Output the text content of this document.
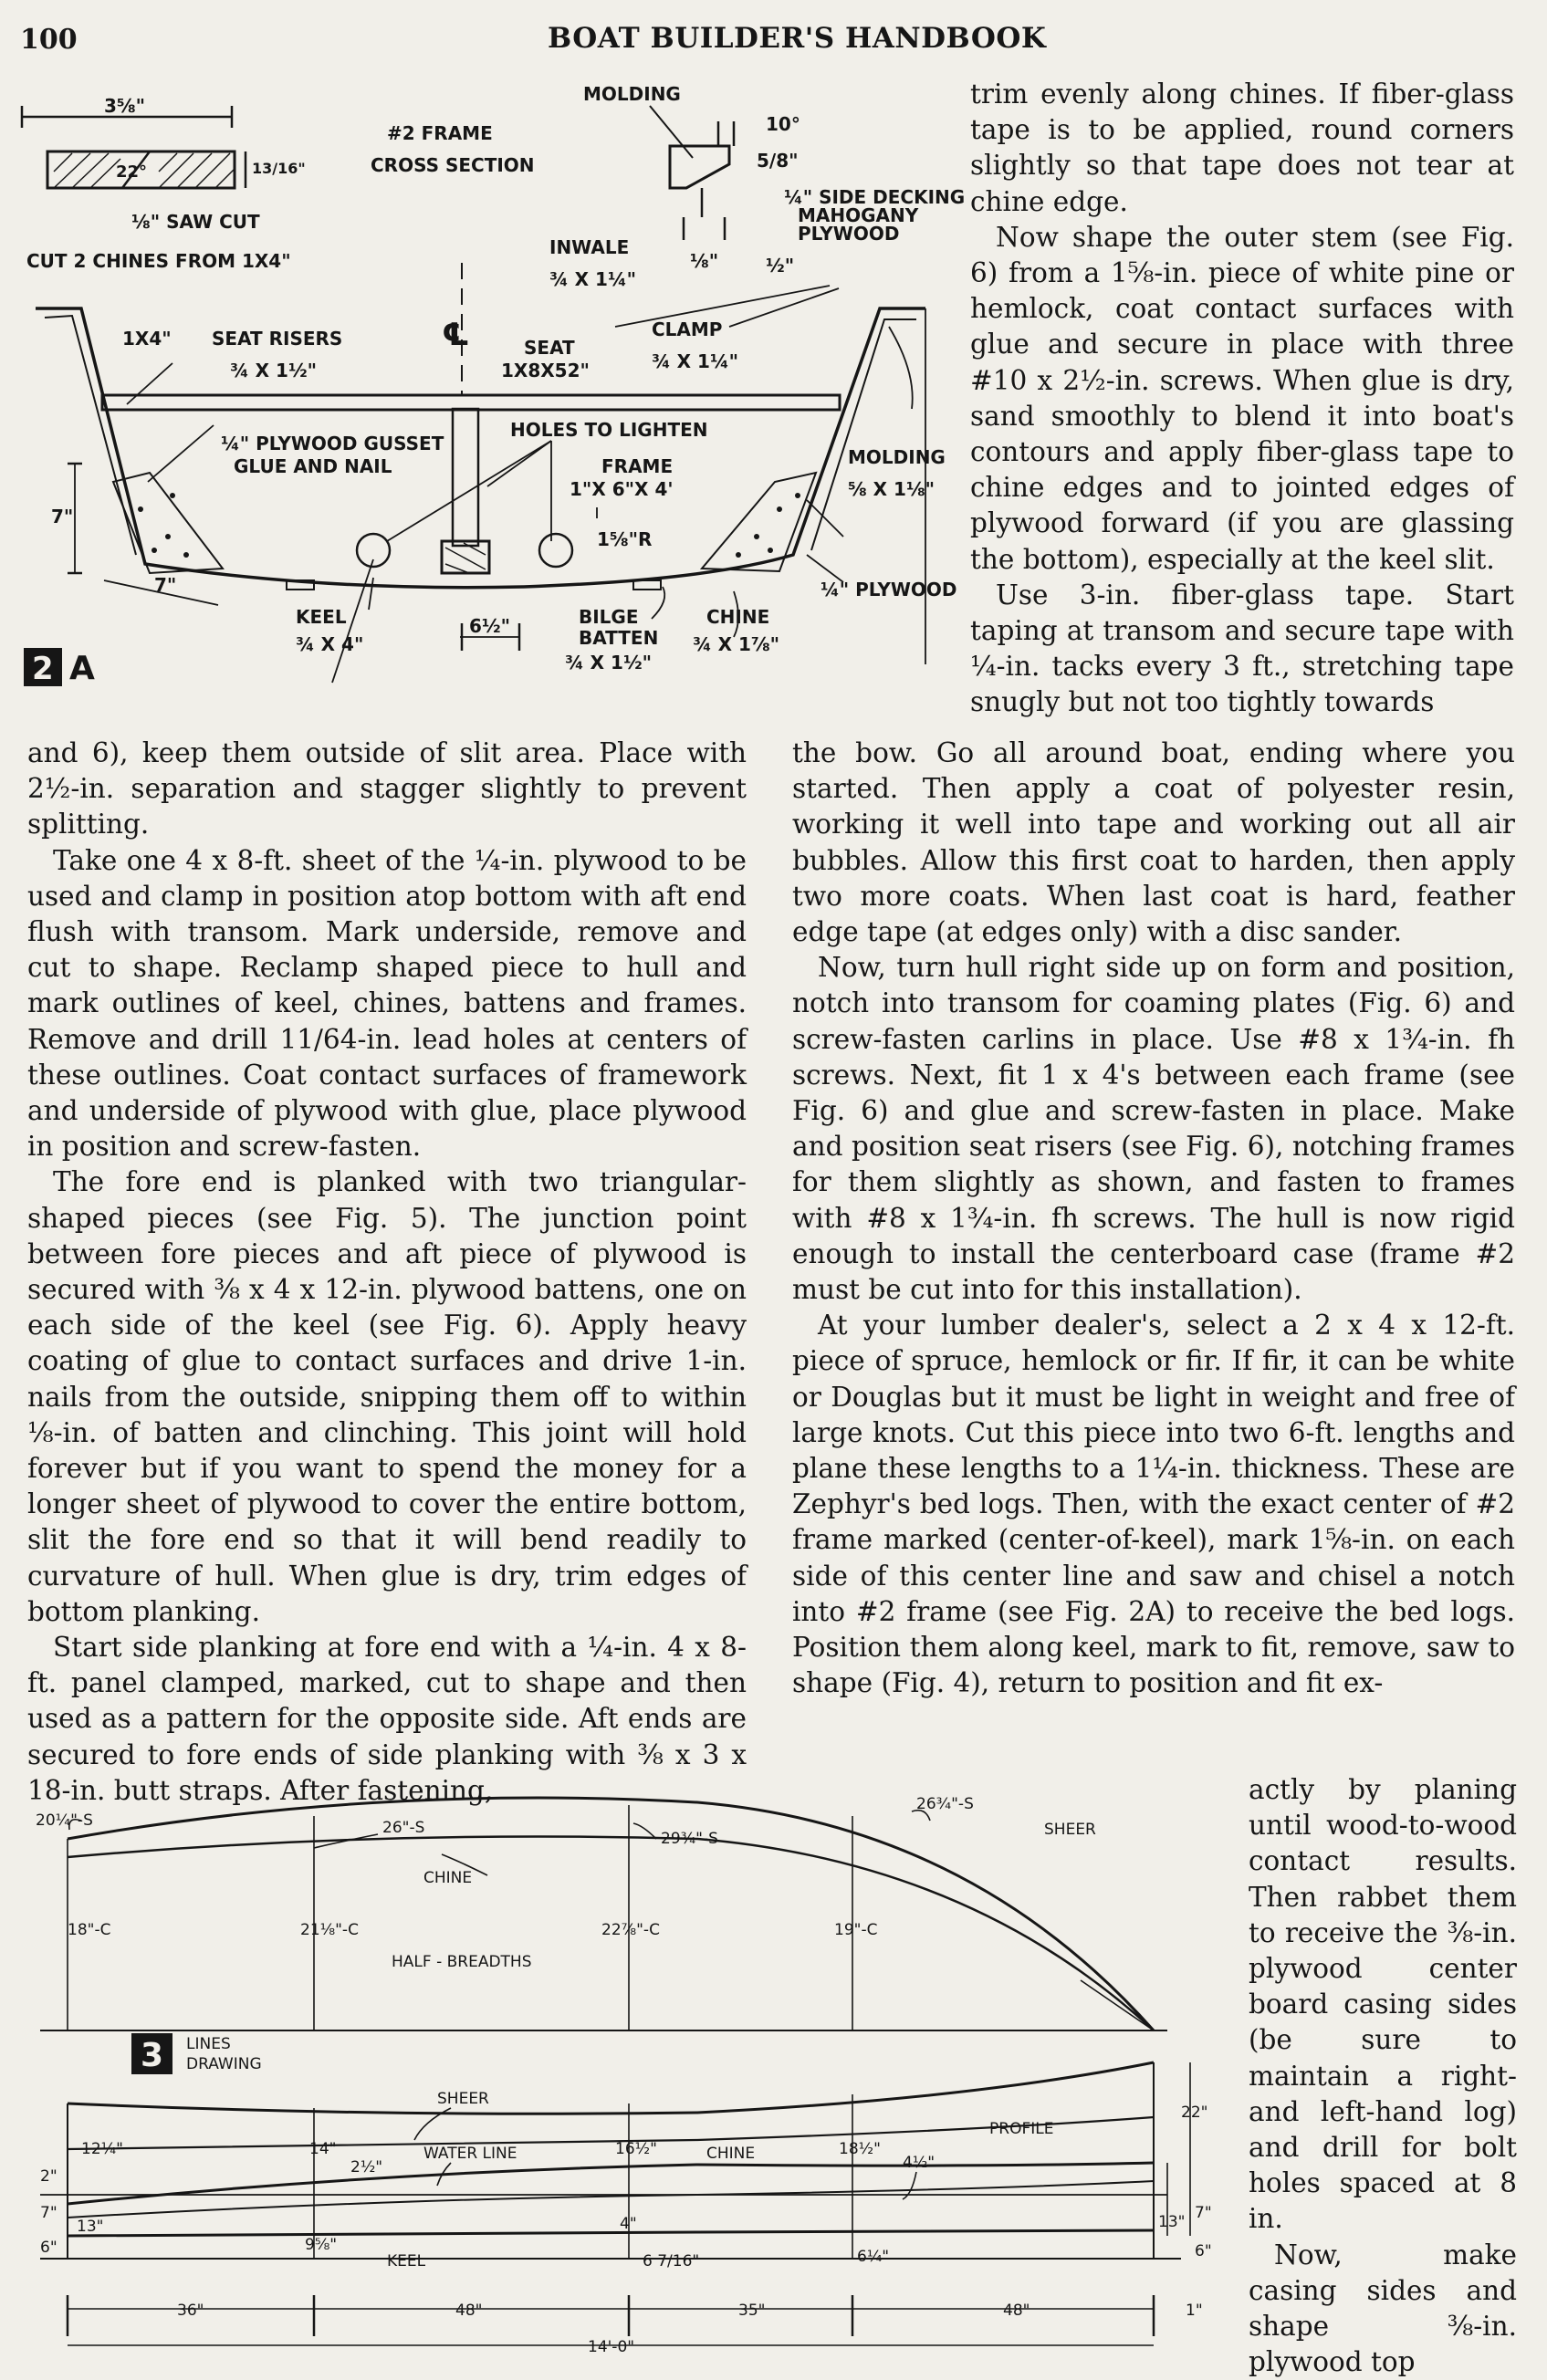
100	BOAT BUILDER'S HANDBOOK
3⅝"
22°	13/16"
⅛" SAW CUT
CUT 2 CHINES FROM 1X4"
#2 FRAME
CROSS SECTION
MOLDING
10°
5/8"
¼" SIDE DECKING
MAHOGANY
PLYWOOD
INWALE
¾ X 1¼"
⅛"	½"
1X4" SEAT RISERS
¾ X 1½"
℄	SEAT
1X8X52"
CLAMP
¾ X 1¼"
¼" PLYWOOD GUSSET
GLUE AND NAIL
HOLES TO LIGHTEN
FRAME
1"X 6"X 4'
MOLDING
⅝ X 1⅛"
7"
7"
1⅝"R
¼" PLYWOOD
KEEL
¾ X 4"
6½"	BILGE
BATTEN
¾ X 1½"
CHINE
¾ X 1⅞"
2 A

trim evenly along chines. If fiber-glass tape is to be applied, round corners slightly so that tape does not tear at chine edge.

Now shape the outer stem (see Fig. 6) from a 1⅝-in. piece of white pine or hemlock, coat contact surfaces with glue and secure in place with three #10 x 2½-in. screws. When glue is dry, sand smoothly to blend it into boat's contours and apply fiber-glass tape to chine edges and to jointed edges of plywood forward (if you are glassing the bottom), especially at the keel slit.

Use 3-in. fiber-glass tape. Start taping at transom and secure tape with ¼-in. tacks every 3 ft., stretching tape snugly but not too tightly towards

and 6), keep them outside of slit area. Place with 2½-in. separation and stagger slightly to prevent splitting.

Take one 4 x 8-ft. sheet of the ¼-in. plywood to be used and clamp in position atop bottom with aft end flush with transom. Mark underside, remove and cut to shape. Reclamp shaped piece to hull and mark outlines of keel, chines, battens and frames. Remove and drill 11/64-in. lead holes at centers of these outlines. Coat contact surfaces of framework and underside of plywood with glue, place plywood in position and screw-fasten.

The fore end is planked with two triangular-shaped pieces (see Fig. 5). The junction point between fore pieces and aft piece of plywood is secured with ⅜ x 4 x 12-in. plywood battens, one on each side of the keel (see Fig. 6). Apply heavy coating of glue to contact surfaces and drive 1-in. nails from the outside, snipping them off to within ⅛-in. of batten and clinching. This joint will hold forever but if you want to spend the money for a longer sheet of plywood to cover the entire bottom, slit the fore end so that it will bend readily to curvature of hull. When glue is dry, trim edges of bottom planking.

Start side planking at fore end with a ¼-in. 4 x 8-ft. panel clamped, marked, cut to shape and then used as a pattern for the opposite side. Aft ends are secured to fore ends of side planking with ⅜ x 3 x 18-in. butt straps. After fastening,

the bow. Go all around boat, ending where you started. Then apply a coat of polyester resin, working it well into tape and working out all air bubbles. Allow this first coat to harden, then apply two more coats. When last coat is hard, feather edge tape (at edges only) with a disc sander.

Now, turn hull right side up on form and position, notch into transom for coaming plates (Fig. 6) and screw-fasten carlins in place. Use #8 x 1¾-in. fh screws. Next, fit 1 x 4's between each frame (see Fig. 6) and glue and screw-fasten in place. Make and position seat risers (see Fig. 6), notching frames for them slightly as shown, and fasten to frames with #8 x 1¾-in. fh screws. The hull is now rigid enough to install the centerboard case (frame #2 must be cut into for this installation).

At your lumber dealer's, select a 2 x 4 x 12-ft. piece of spruce, hemlock or fir. If fir, it can be white or Douglas but it must be light in weight and free of large knots. Cut this piece into two 6-ft. lengths and plane these lengths to a 1¼-in. thickness. These are Zephyr's bed logs. Then, with the exact center of #2 frame marked (center-of-keel), mark 1⅝-in. on each side of this center line and saw and chisel a notch into #2 frame (see Fig. 2A) to receive the bed logs. Position them along keel, mark to fit, remove, saw to shape (Fig. 4), return to position and fit ex-

actly by planing until wood-to-wood contact results. Then rabbet them to receive the ⅜-in. plywood center board casing sides (be sure to maintain a right- and left-hand log) and drill for bolt holes spaced at 8 in.

Now, make casing sides and shape ⅜-in. plywood top

3 LINES
DRAWING
20¼"-S	26"-S
29¾"-S
26¾"-S
SHEER
CHINE
18"-C	21⅛"-C	22⅞"-C	19"-C
HALF - BREADTHS
SHEER
PROFILE
22"
12¼"	14"	16½"	18½"
2½"
WATER LINE	CHINE	4½"
2"
7"
13"
6"
4"	13" 7"
6"
9⅝"
KEEL	6 7/16"	6¼"
36"	48"	35"	48"	1"
14'-0"
